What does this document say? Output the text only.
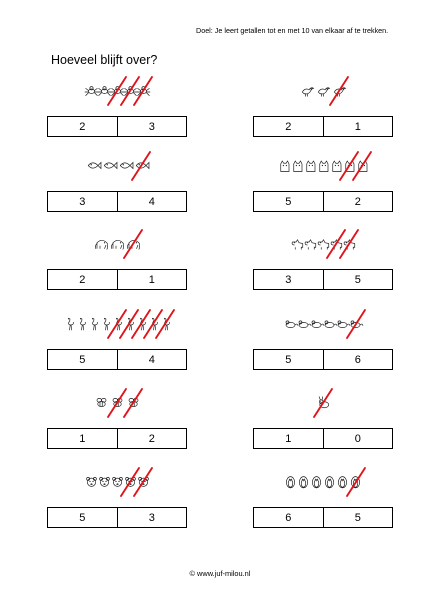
Doel: Je leert getallen tot en met 10 van elkaar af te trekken.
Hoeveel blijft over?
2	3
3	4
2	1
5	4
1	2
5	3
2	1
5	2
3	5
5	6
1	0
6	5
© www.juf-milou.nl
